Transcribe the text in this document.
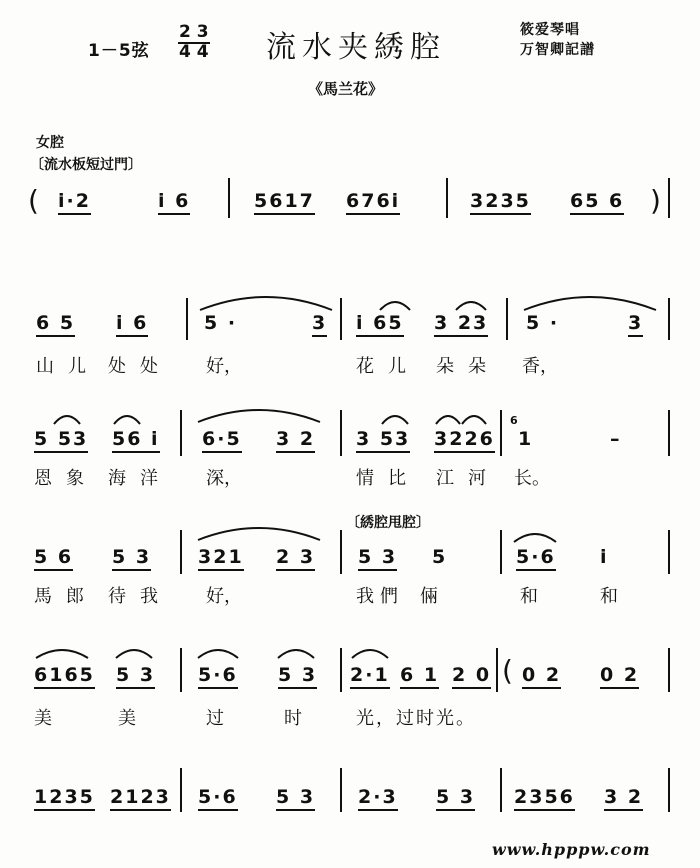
1－5弦 $\frac{2 3}{4 4}$ 流水夹綉腔	筱爱琴唱
万智卿記譜
《馬兰花》
女腔
〔流水板短过門〕
( i·2	i 6	5617 676i	3235 65 6 )
6 5 i 6	5 ·	3 i 65 3 23 5 ·	3
山儿 处处 好，	花儿 朵朵 香，
5 53 56 i 6·5 3 2 3 53 3226
6
1	–
恩象 海洋 深，	情比 江河 长。
〔綉腔甩腔〕
5 6 5 3 321 2 3 5 3 5	5·6 i
馬郎 待我 好，	我們 倆	和	和
6165 5 3 5·6 5 3 2·1 6 1 2 0 ( 0 2 0 2
美	美	过	时	光，过时光。
1235 2123 5·6 5 3 2·3 5 3 2356 3 2
www.hpppw.com
